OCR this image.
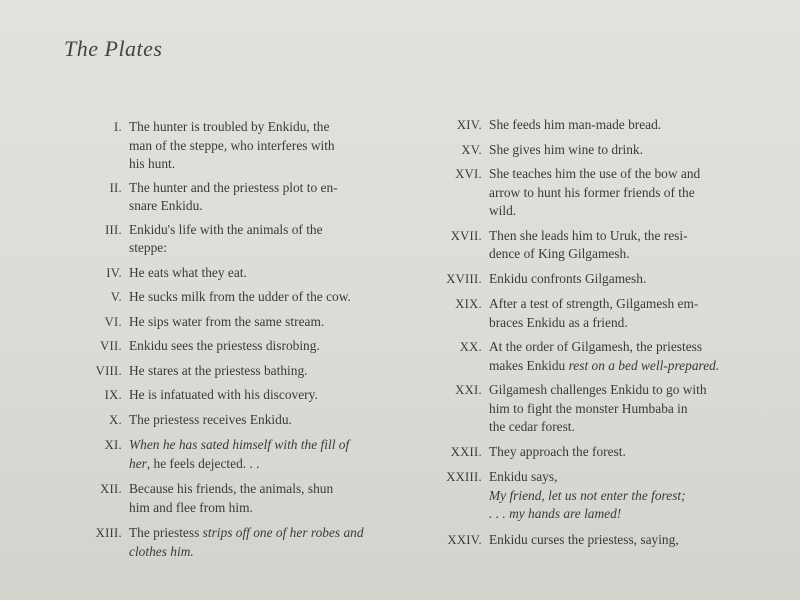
The Plates
I. The hunter is troubled by Enkidu, the
man of the steppe, who interferes with
his hunt.
II. The hunter and the priestess plot to en-
snare Enkidu.
III. Enkidu's life with the animals of the
steppe:
IV. He eats what they eat.
V. He sucks milk from the udder of the cow.
VI. He sips water from the same stream.
VII. Enkidu sees the priestess disrobing.
VIII. He stares at the priestess bathing.
IX. He is infatuated with his discovery.
X. The priestess receives Enkidu.
XI. When he has sated himself with the fill of
her, he feels dejected. . .
XII. Because his friends, the animals, shun
him and flee from him.
XIII. The priestess strips off one of her robes and
clothes him.
XIV. She feeds him man-made bread.
XV. She gives him wine to drink.
XVI. She teaches him the use of the bow and
arrow to hunt his former friends of the
wild.
XVII. Then she leads him to Uruk, the resi-
dence of King Gilgamesh.
XVIII. Enkidu confronts Gilgamesh.
XIX. After a test of strength, Gilgamesh em-
braces Enkidu as a friend.
XX. At the order of Gilgamesh, the priestess
makes Enkidu rest on a bed well-prepared.
XXI. Gilgamesh challenges Enkidu to go with
him to fight the monster Humbaba in
the cedar forest.
XXII. They approach the forest.
XXIII. Enkidu says,
My friend, let us not enter the forest;
. . . my hands are lamed!
XXIV. Enkidu curses the priestess, saying,
